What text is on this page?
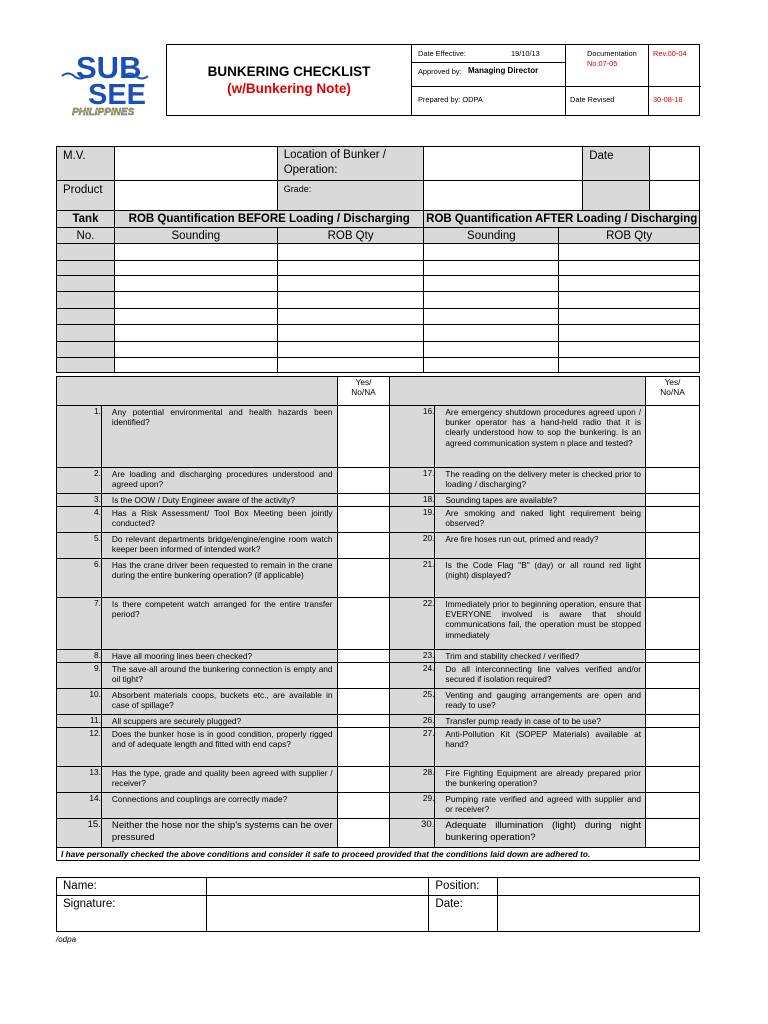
SUB
SEE
PHILIPPINES
BUNKERING CHECKLIST
(w/Bunkering Note)
Date Effective:	19/10/13	Documentation
No.07-05
Rev.00-04
Approved by: Managing Director
Prepared by: ODPA	Date Revised	30-08-18
M.V.		Location of Bunker / Operation:			Date	
Product		Grade:				
Tank	ROB Quantification BEFORE Loading / Discharging		ROB Quantification AFTER Loading / Discharging			
No.	Sounding	ROB Qty	Sounding	ROB Qty		

		Yes/
No/NA			Yes/
No/NA
1.	Any potential environmental and health hazards been identified?		16.	Are emergency shutdown procedures agreed upon / bunker operator has a hand-held radio that it is clearly understood how to sop the bunkering. Is an agreed communication system n place and tested?	
2.	Are loading and discharging procedures understood and agreed upon?		17.	The reading on the delivery meter is checked prior to loading / discharging?	
3.	Is the OOW / Duty Engineer aware of the activity?		18.	Sounding tapes are available?	
4.	Has a Risk Assessment/ Tool Box Meeting been jointly conducted?		19.	Are smoking and naked light requirement being observed?	
5.	Do relevant departments bridge/engine/engine room watch keeper been informed of intended work?		20.	Are fire hoses run out, primed and ready?	
6.	Has the crane driver been requested to remain in the crane during the entire bunkering operation? (if applicable)		21.	Is the Code Flag "B" (day) or all round red light (night) displayed?	
7.	Is there competent watch arranged for the entire transfer period?		22.	Immediately prior to beginning operation, ensure that EVERYONE involved is aware that should communications fail, the operation must be stopped immediately	
8.	Have all mooring lines been checked?		23.	Trim and stability checked / verified?	
9.	The save-all around the bunkering connection is empty and oil tight?		24.	Do all interconnecting line valves verified and/or secured if isolation required?	
10.	Absorbent materials coops, buckets etc., are available in case of spillage?		25.	Venting and gauging arrangements are open and ready to use?	
11.	All scuppers are securely plugged?		26.	Transfer pump ready in case of to be use?	
12.	Does the bunker hose is in good condition, properly rigged and of adequate length and fitted with end caps?		27.	Anti-Pollution Kit (SOPEP Materials) available at hand?	
13.	Has the type, grade and quality been agreed with supplier / receiver?		28.	Fire Fighting Equipment are already prepared prior the bunkering operation?	
14.	Connections and couplings are correctly made?		29.	Pumping rate verified and agreed with supplier and or receiver?	
15.	Neither the hose nor the ship's systems can be over pressured		30.	Adequate illumination (light) during night bunkering operation?	
I have personally checked the above conditions and consider it safe to proceed provided that the conditions laid down are adhered to.					
Name:		Position:	
Signature:		Date:	
/odpa
